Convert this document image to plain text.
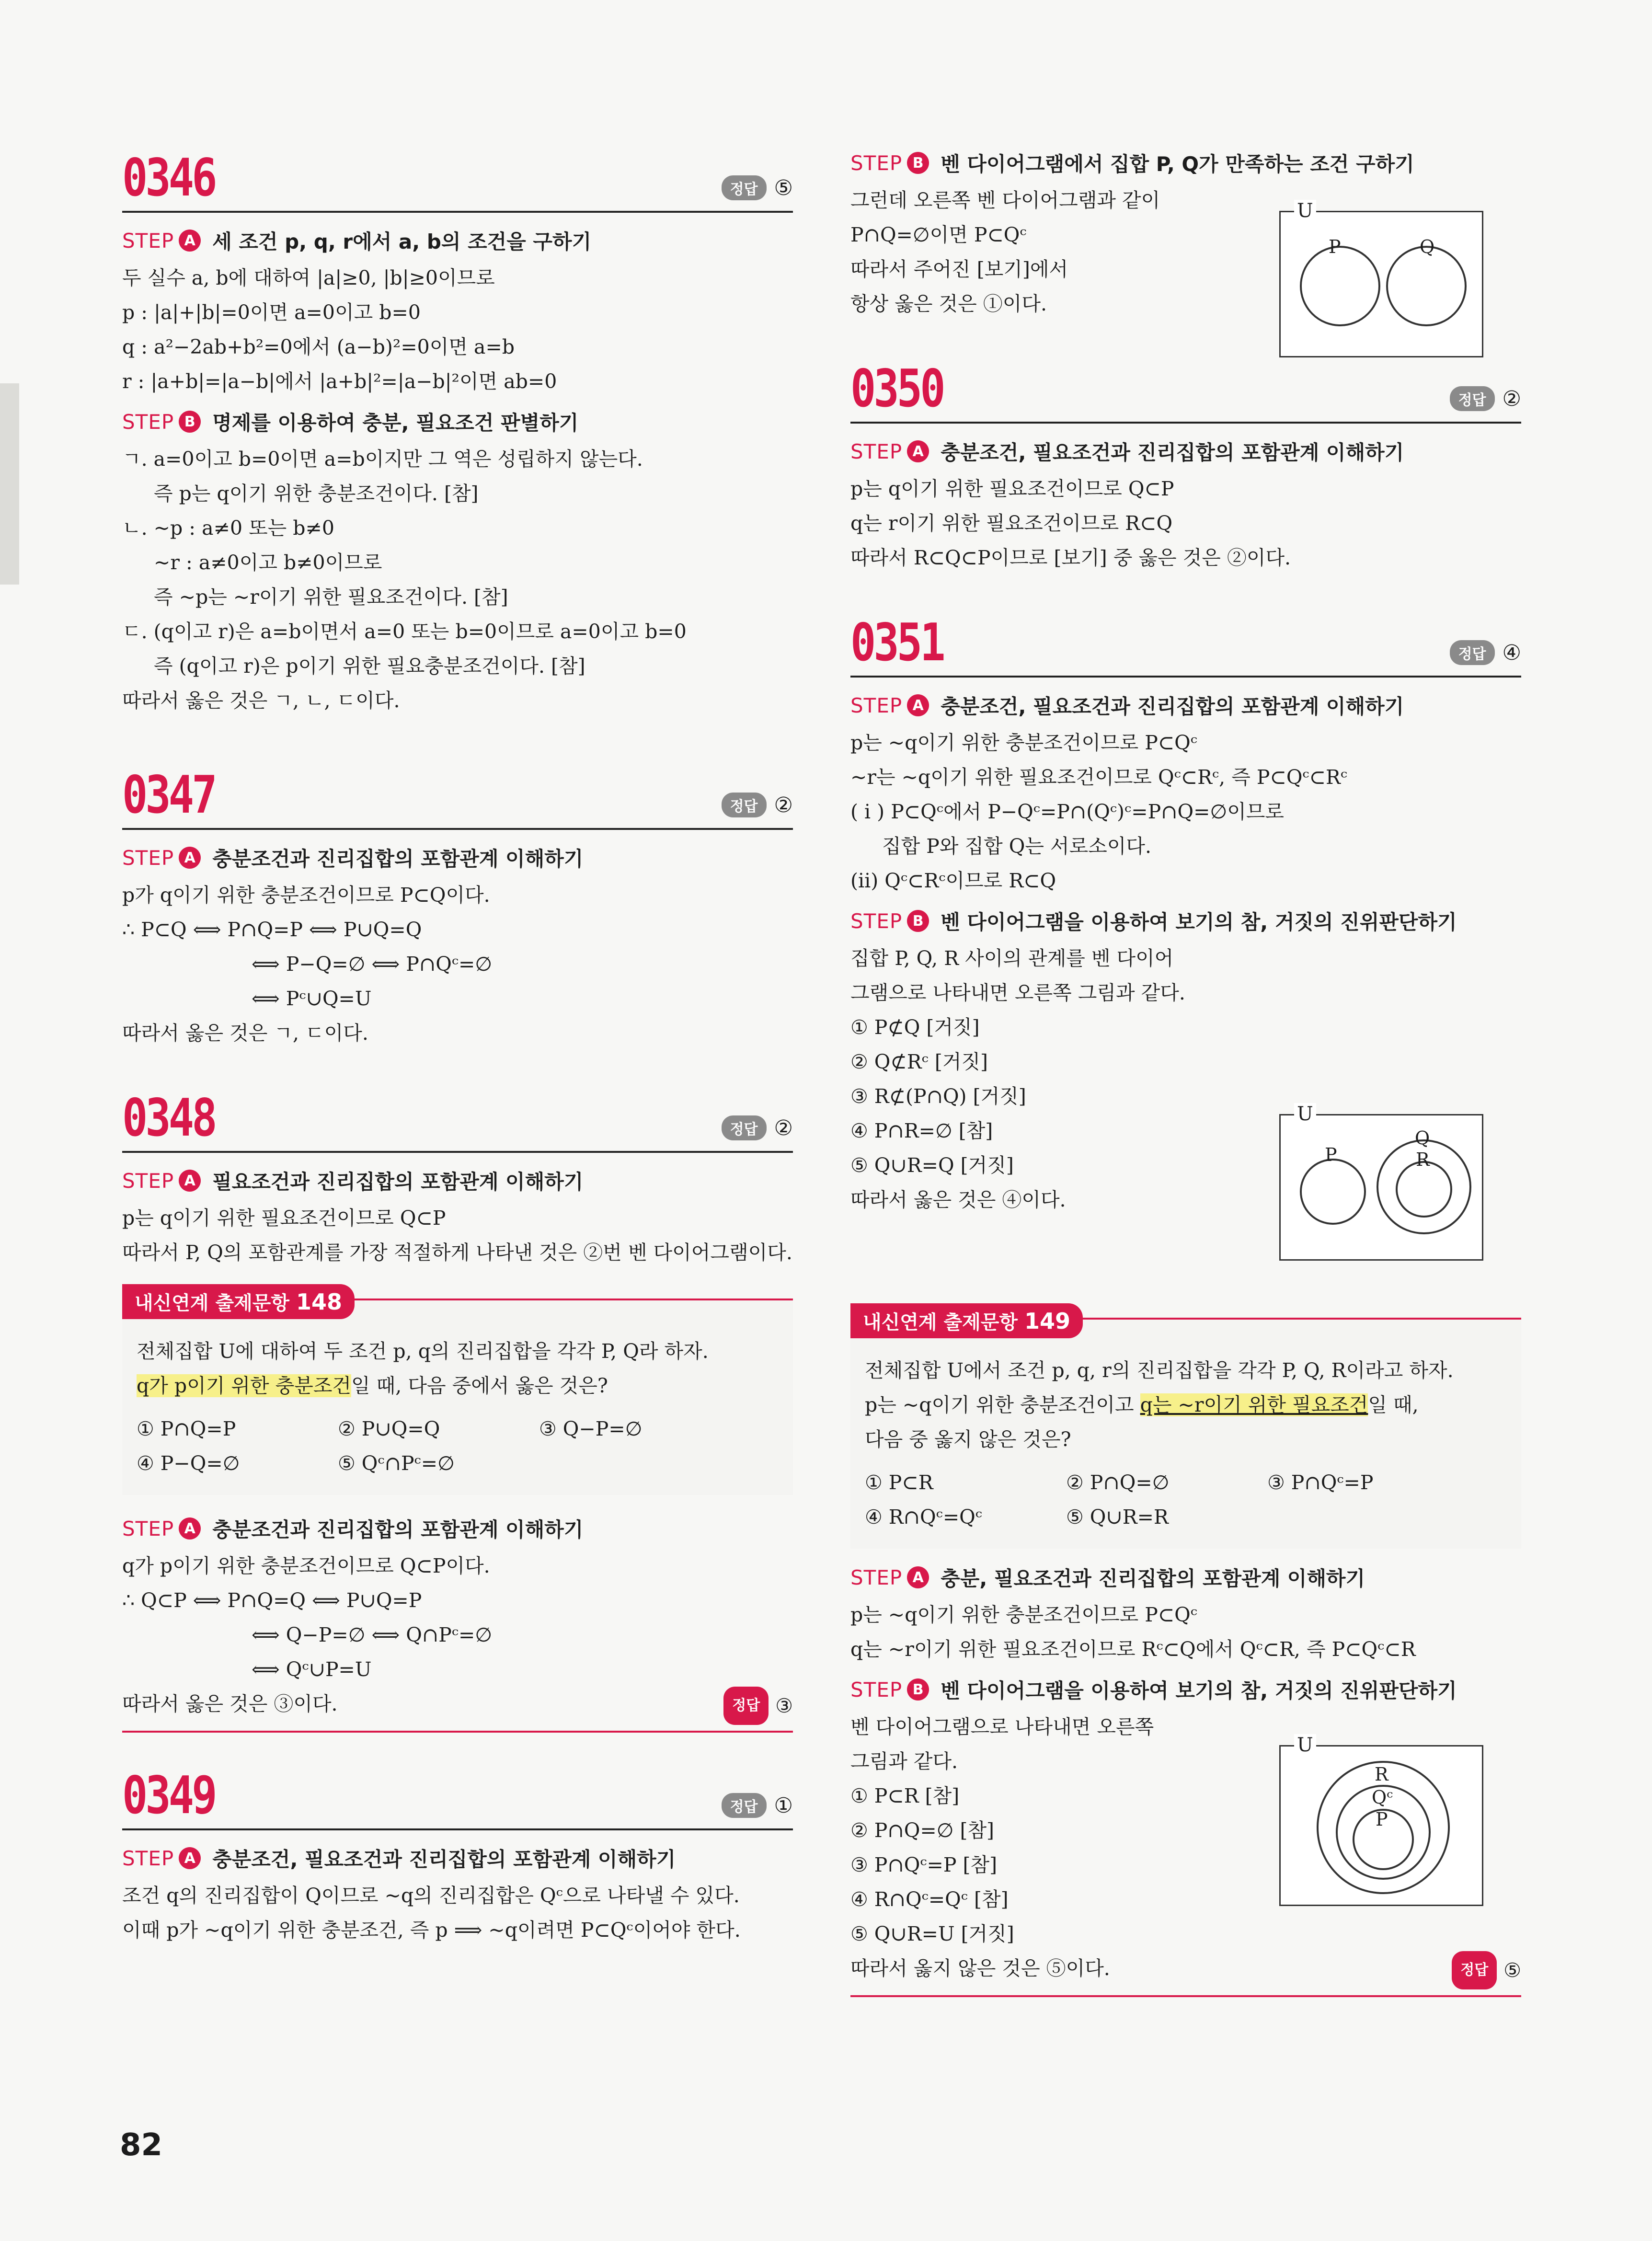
0346	정답 ⑤
STEP A 세 조건 p, q, r에서 a, b의 조건을 구하기
두 실수 a, b에 대하여 |a|≥0, |b|≥0이므로
p : |a|+|b|=0이면 a=0이고 b=0
q : a²−2ab+b²=0에서 (a−b)²=0이면 a=b
r : |a+b|=|a−b|에서 |a+b|²=|a−b|²이면 ab=0
STEP B 명제를 이용하여 충분, 필요조건 판별하기
ㄱ. a=0이고 b=0이면 a=b이지만 그 역은 성립하지 않는다.
즉 p는 q이기 위한 충분조건이다. [참]
ㄴ. ~p : a≠0 또는 b≠0
~r : a≠0이고 b≠0이므로
즉 ~p는 ~r이기 위한 필요조건이다. [참]
ㄷ. (q이고 r)은 a=b이면서 a=0 또는 b=0이므로 a=0이고 b=0
즉 (q이고 r)은 p이기 위한 필요충분조건이다. [참]
따라서 옳은 것은 ㄱ, ㄴ, ㄷ이다.
0347	정답 ②
STEP A 충분조건과 진리집합의 포함관계 이해하기
p가 q이기 위한 충분조건이므로 P⊂Q이다.
∴ P⊂Q ⟺ P∩Q=P ⟺ P∪Q=Q
⟺ P−Q=∅ ⟺ P∩Qᶜ=∅
⟺ Pᶜ∪Q=U
따라서 옳은 것은 ㄱ, ㄷ이다.
0348	정답 ②
STEP A 필요조건과 진리집합의 포함관계 이해하기
p는 q이기 위한 필요조건이므로 Q⊂P
따라서 P, Q의 포함관계를 가장 적절하게 나타낸 것은 ②번 벤 다이어그램이다.
내신연계 출제문항 148
전체집합 U에 대하여 두 조건 p, q의 진리집합을 각각 P, Q라 하자.
q가 p이기 위한 충분조건일 때, 다음 중에서 옳은 것은?
① P∩Q=P	② P∪Q=Q	③ Q−P=∅
④ P−Q=∅	⑤ Qᶜ∩Pᶜ=∅
STEP A 충분조건과 진리집합의 포함관계 이해하기
q가 p이기 위한 충분조건이므로 Q⊂P이다.
∴ Q⊂P ⟺ P∩Q=Q ⟺ P∪Q=P
⟺ Q−P=∅ ⟺ Q∩Pᶜ=∅
⟺ Qᶜ∪P=U
따라서 옳은 것은 ③이다.	정답 ③
0349	정답 ①
STEP A 충분조건, 필요조건과 진리집합의 포함관계 이해하기
조건 q의 진리집합이 Q이므로 ~q의 진리집합은 Qᶜ으로 나타낼 수 있다.
이때 p가 ~q이기 위한 충분조건, 즉 p ⟹ ~q이려면 P⊂Qᶜ이어야 한다.
STEP B 벤 다이어그램에서 집합 P, Q가 만족하는 조건 구하기
그런데 오른쪽 벤 다이어그램과 같이
P∩Q=∅이면 P⊂Qᶜ
따라서 주어진 [보기]에서
항상 옳은 것은 ①이다.
U
P	Q
0350	정답 ②
STEP A 충분조건, 필요조건과 진리집합의 포함관계 이해하기
p는 q이기 위한 필요조건이므로 Q⊂P
q는 r이기 위한 필요조건이므로 R⊂Q
따라서 R⊂Q⊂P이므로 [보기] 중 옳은 것은 ②이다.
0351	정답 ④
STEP A 충분조건, 필요조건과 진리집합의 포함관계 이해하기
p는 ~q이기 위한 충분조건이므로 P⊂Qᶜ
~r는 ~q이기 위한 필요조건이므로 Qᶜ⊂Rᶜ, 즉 P⊂Qᶜ⊂Rᶜ
( i ) P⊂Qᶜ에서 P−Qᶜ=P∩(Qᶜ)ᶜ=P∩Q=∅이므로
집합 P와 집합 Q는 서로소이다.
(ii) Qᶜ⊂Rᶜ이므로 R⊂Q
STEP B 벤 다이어그램을 이용하여 보기의 참, 거짓의 진위판단하기
집합 P, Q, R 사이의 관계를 벤 다이어
그램으로 나타내면 오른쪽 그림과 같다.
① P⊄Q [거짓]
② Q⊄Rᶜ [거짓]
③ R⊄(P∩Q) [거짓]
④ P∩R=∅ [참]
⑤ Q∪R=Q [거짓]
따라서 옳은 것은 ④이다.
U
P
Q
R
내신연계 출제문항 149
전체집합 U에서 조건 p, q, r의 진리집합을 각각 P, Q, R이라고 하자.
p는 ~q이기 위한 충분조건이고 q는 ~r이기 위한 필요조건일 때,
다음 중 옳지 않은 것은?
① P⊂R	② P∩Q=∅	③ P∩Qᶜ=P
④ R∩Qᶜ=Qᶜ	⑤ Q∪R=R
STEP A 충분, 필요조건과 진리집합의 포함관계 이해하기
p는 ~q이기 위한 충분조건이므로 P⊂Qᶜ
q는 ~r이기 위한 필요조건이므로 Rᶜ⊂Q에서 Qᶜ⊂R, 즉 P⊂Qᶜ⊂R
STEP B 벤 다이어그램을 이용하여 보기의 참, 거짓의 진위판단하기
벤 다이어그램으로 나타내면 오른쪽
그림과 같다.
① P⊂R [참]
② P∩Q=∅ [참]
③ P∩Qᶜ=P [참]
④ R∩Qᶜ=Qᶜ [참]
⑤ Q∪R=U [거짓]
따라서 옳지 않은 것은 ⑤이다.	정답 ⑤
U
R
Qᶜ
P
82
